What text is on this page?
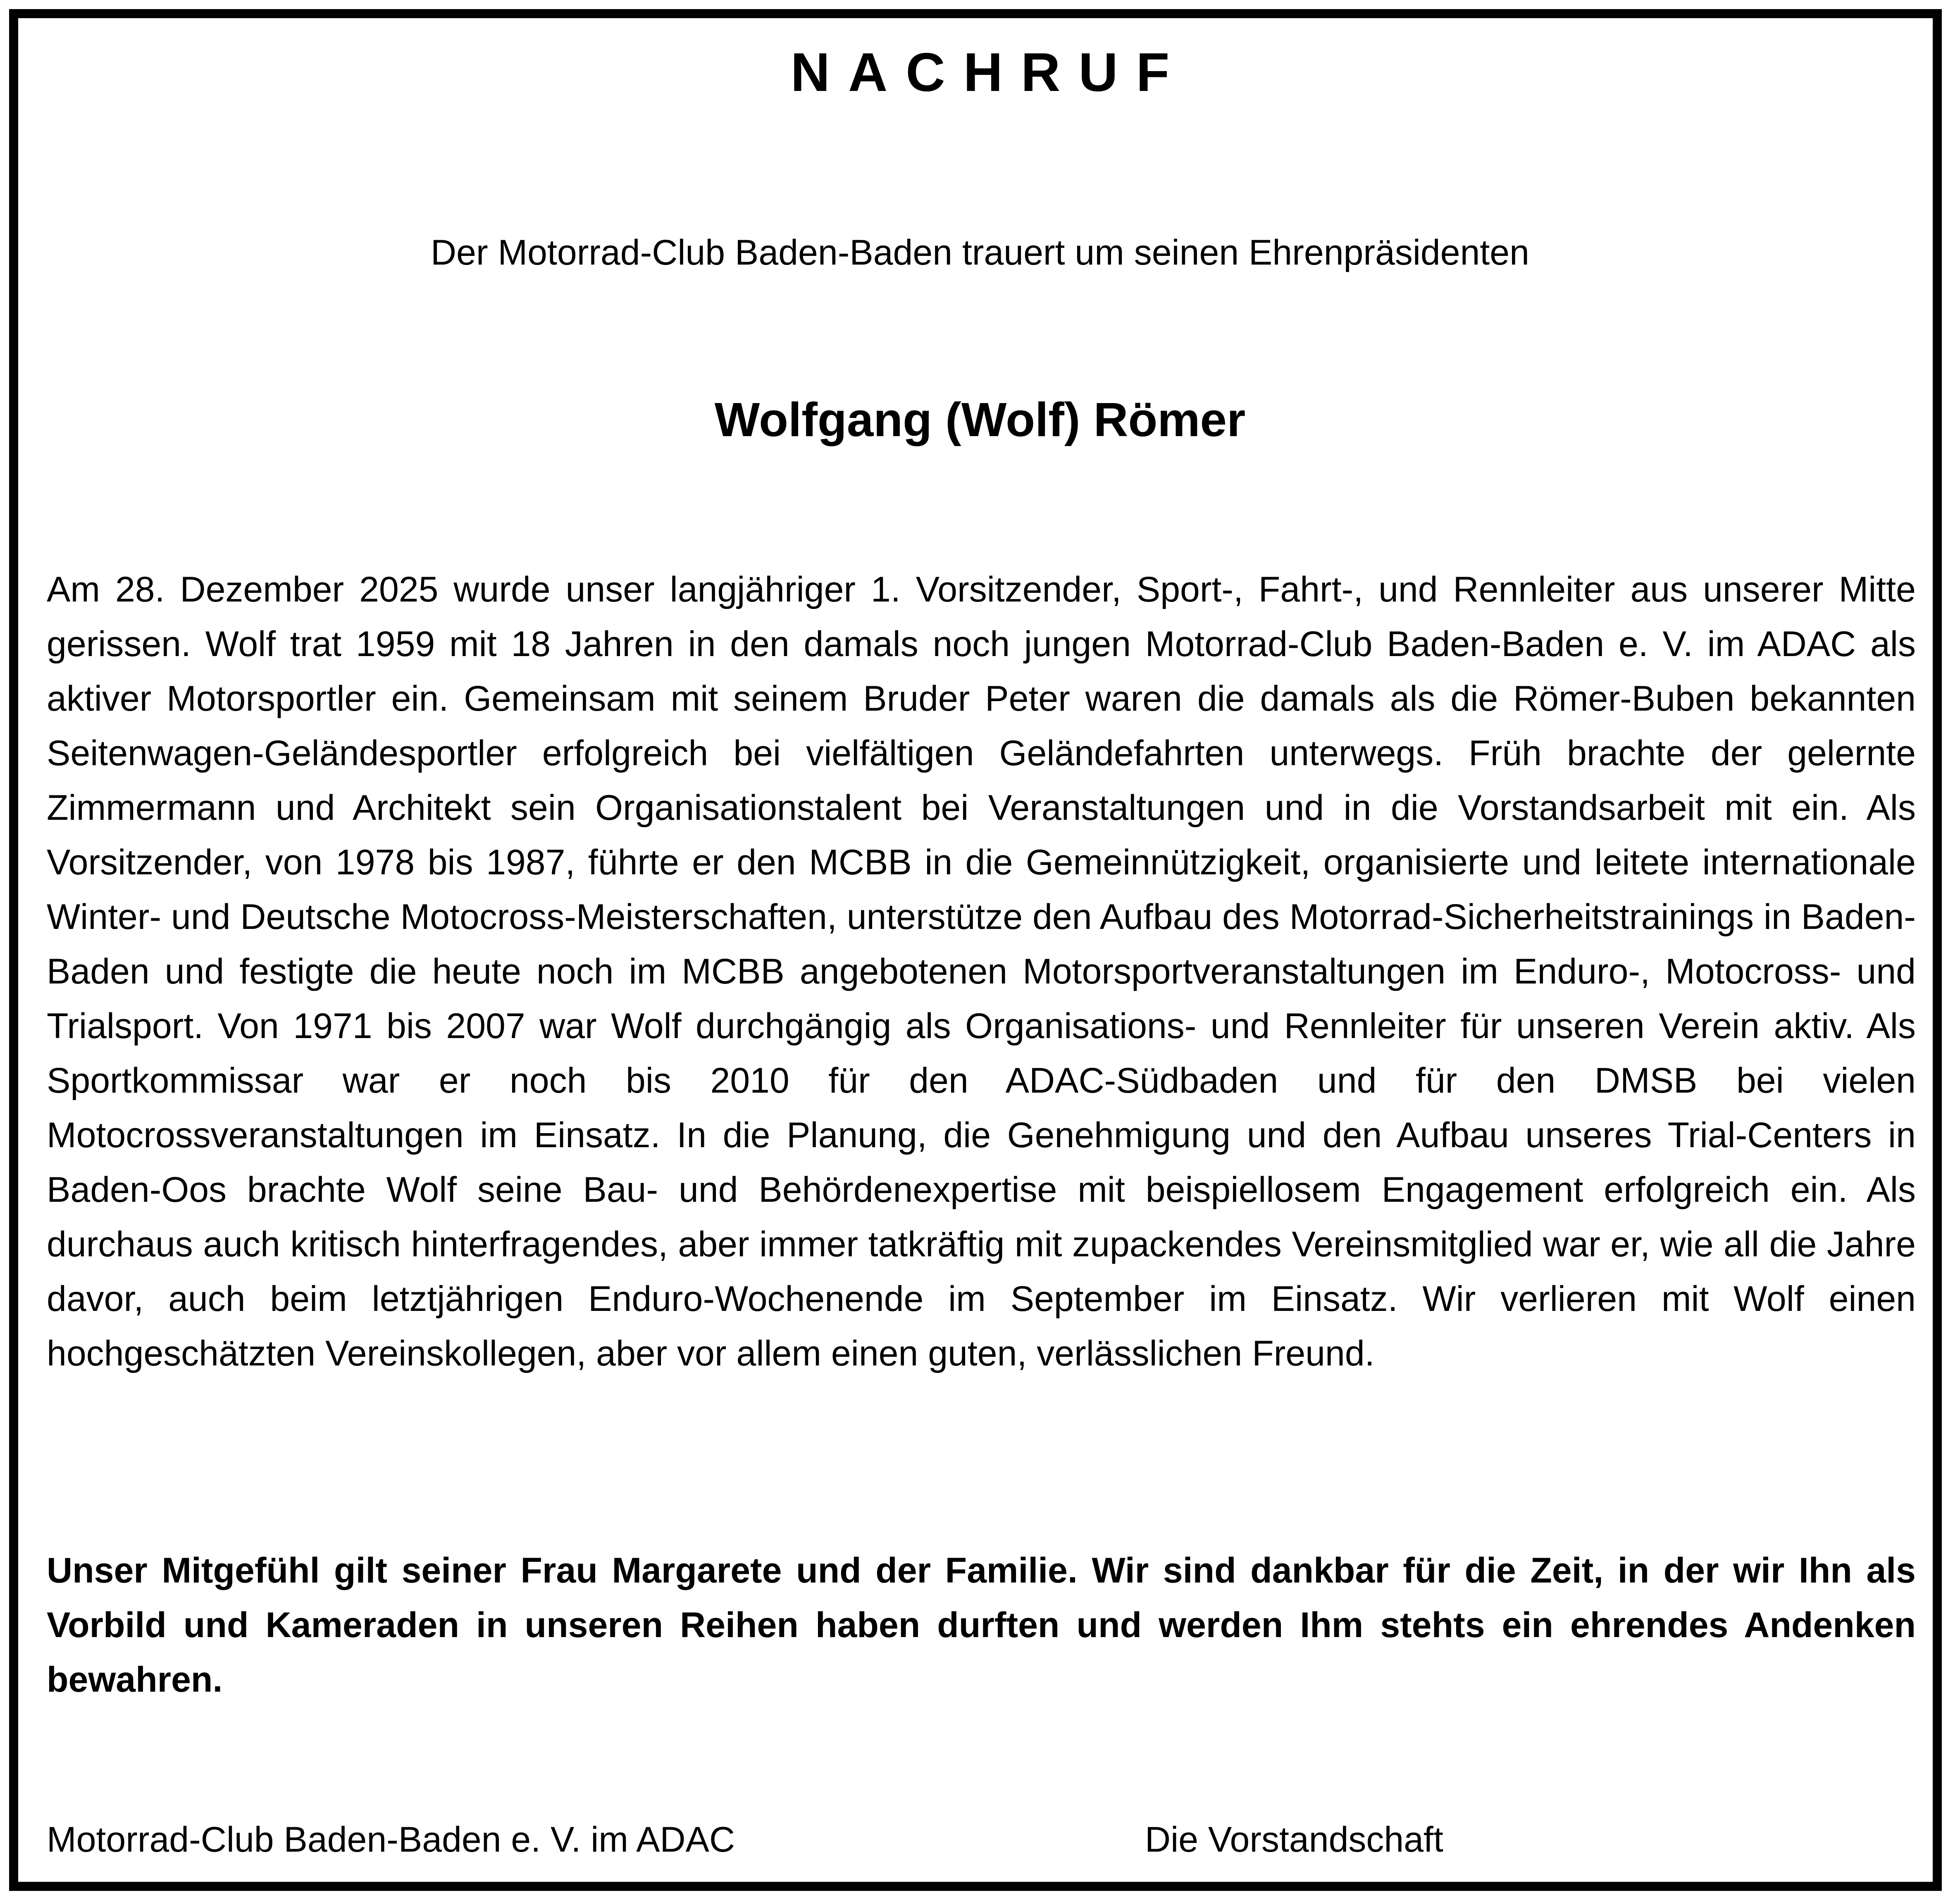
NACHRUF
Der Motorrad-Club Baden-Baden trauert um seinen Ehrenpräsidenten
Wolfgang (Wolf) Römer

Am 28. Dezember 2025 wurde unser langjähriger 1. Vorsitzender, Sport-, Fahrt-, und Rennleiter aus unserer Mitte gerissen. Wolf trat 1959 mit 18 Jahren in den damals noch jungen Motorrad-Club Baden-Baden e. V. im ADAC als aktiver Motorsportler ein. Gemeinsam mit seinem Bruder Peter waren die damals als die Römer-Buben bekannten Seitenwagen-Geländesportler erfolgreich bei vielfältigen Geländefahrten unterwegs. Früh brachte der gelernte Zimmermann und Architekt sein Organisationstalent bei Veranstaltungen und in die Vorstandsarbeit mit ein. Als Vorsitzender, von 1978 bis 1987, führte er den MCBB in die Gemeinnützigkeit, organisierte und leitete internationale Winter- und Deutsche Motocross-Meisterschaften, unterstütze den Aufbau des Motorrad-Sicherheitstrainings in Baden-Baden und festigte die heute noch im MCBB angebotenen Motorsportveranstaltungen im Enduro-, Motocross- und Trialsport. Von 1971 bis 2007 war Wolf durchgängig als Organisations- und Rennleiter für unseren Verein aktiv. Als Sportkommissar war er noch bis 2010 für den ADAC-Südbaden und für den DMSB bei vielen Motocrossveranstaltungen im Einsatz. In die Planung, die Genehmigung und den Aufbau unseres Trial-Centers in Baden-Oos brachte Wolf seine Bau- und Behördenexpertise mit beispiellosem Engagement erfolgreich ein. Als durchaus auch kritisch hinterfragendes, aber immer tatkräftig mit zupackendes Vereinsmitglied war er, wie all die Jahre davor, auch beim letztjährigen Enduro-Wochenende im September im Einsatz. Wir verlieren mit Wolf einen hochgeschätzten Vereinskollegen, aber vor allem einen guten, verlässlichen Freund.

Unser Mitgefühl gilt seiner Frau Margarete und der Familie. Wir sind dankbar für die Zeit, in der wir Ihn als Vorbild und Kameraden in unseren Reihen haben durften und werden Ihm stehts ein ehrendes Andenken bewahren.

Motorrad-Club Baden-Baden e. V. im ADAC	Die Vorstandschaft
